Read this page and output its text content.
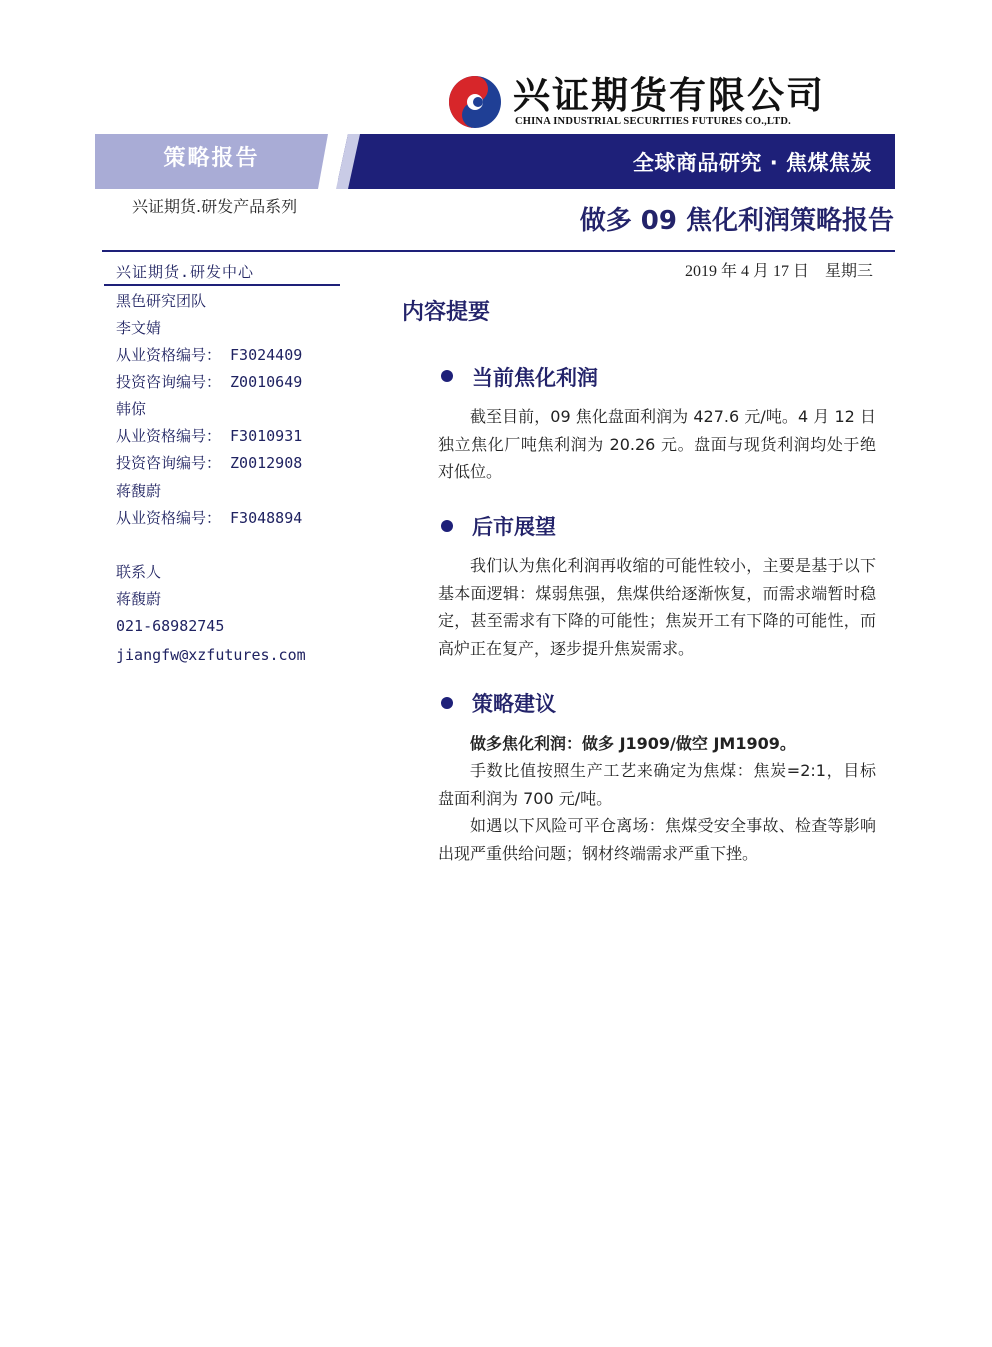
兴证期货有限公司
CHINA INDUSTRIAL SECURITIES FUTURES CO.,LTD.
策略报告	全球商品研究 · 焦煤焦炭
兴证期货.研发产品系列	做多 09 焦化利润策略报告
兴证期货.研发中心
黑色研究团队
李文婧
从业资格编号： F3024409
投资咨询编号： Z0010649
韩倞
从业资格编号： F3010931
投资咨询编号： Z0012908
蒋馥蔚
从业资格编号： F3048894
联系人
蒋馥蔚
021-68982745
jiangfw@xzfutures.com
2019 年 4 月 17 日　星期三
内容提要
当前焦化利润

截至目前，09 焦化盘面利润为 427.6 元/吨。4 月 12 日独立焦化厂吨焦利润为 20.26 元。盘面与现货利润均处于绝对低位。

后市展望

我们认为焦化利润再收缩的可能性较小，主要是基于以下基本面逻辑：煤弱焦强，焦煤供给逐渐恢复，而需求端暂时稳定，甚至需求有下降的可能性；焦炭开工有下降的可能性，而高炉正在复产，逐步提升焦炭需求。

策略建议

做多焦化利润：做多 J1909/做空 JM1909。

手数比值按照生产工艺来确定为焦煤：焦炭=2:1，目标盘面利润为 700 元/吨。

如遇以下风险可平仓离场：焦煤受安全事故、检查等影响出现严重供给问题；钢材终端需求严重下挫。
